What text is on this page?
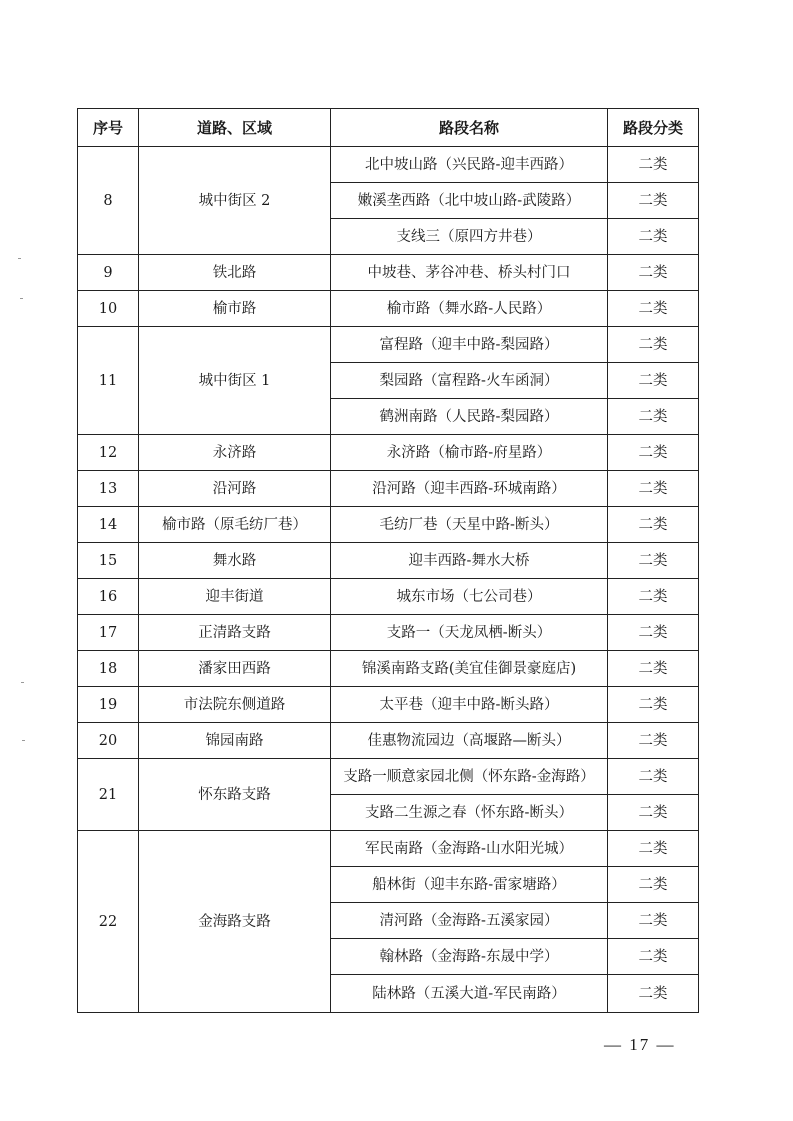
序号	道路、区域	路段名称	路段分类
8	城中街区 2	北中坡山路（兴民路-迎丰西路）	二类
		嫩溪垄西路（北中坡山路-武陵路）	二类
		支线三（原四方井巷）	二类
9	铁北路	中坡巷、茅谷冲巷、桥头村门口	二类
10	榆市路	榆市路（舞水路-人民路）	二类
11	城中街区 1	富程路（迎丰中路-梨园路）	二类
		梨园路（富程路-火车函洞）	二类
		鹤洲南路（人民路-梨园路）	二类
12	永济路	永济路（榆市路-府星路）	二类
13	沿河路	沿河路（迎丰西路-环城南路）	二类
14	榆市路（原毛纺厂巷）	毛纺厂巷（天星中路-断头）	二类
15	舞水路	迎丰西路-舞水大桥	二类
16	迎丰街道	城东市场（七公司巷）	二类
17	正清路支路	支路一（天龙凤栖-断头）	二类
18	潘家田西路	锦溪南路支路(美宜佳御景豪庭店)	二类
19	市法院东侧道路	太平巷（迎丰中路-断头路）	二类
20	锦园南路	佳惠物流园边（高堰路—断头）	二类
21	怀东路支路	支路一顺意家园北侧（怀东路-金海路）	二类
		支路二生源之春（怀东路-断头）	二类
22	金海路支路	军民南路（金海路-山水阳光城）	二类
		船林街（迎丰东路-雷家塘路）	二类
		清河路（金海路-五溪家园）	二类
		翰林路（金海路-东晟中学）	二类
		陆林路（五溪大道-军民南路）	二类
— 17 —
